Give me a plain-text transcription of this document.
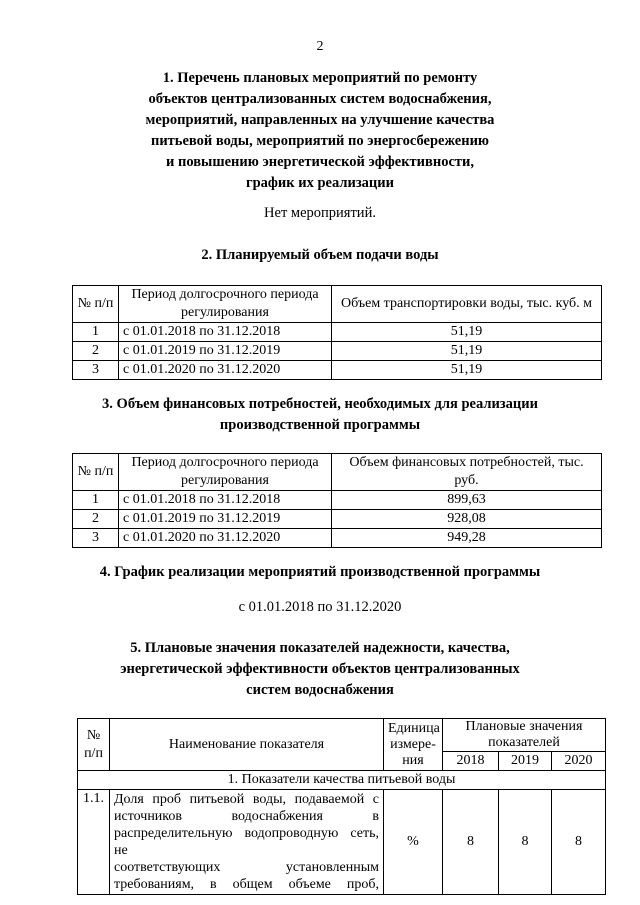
2
1. Перечень плановых мероприятий по ремонту
объектов централизованных систем водоснабжения,
мероприятий, направленных на улучшение качества
питьевой воды, мероприятий по энергосбережению
и повышению энергетической эффективности,
график их реализации
Нет мероприятий.
2. Планируемый объем подачи воды
№ п/п	Период долгосрочного периода регулирования	Объем транспортировки воды, тыс. куб. м
1	с 01.01.2018 по 31.12.2018	51,19
2	с 01.01.2019 по 31.12.2019	51,19
3	с 01.01.2020 по 31.12.2020	51,19
3. Объем финансовых потребностей, необходимых для реализации
производственной программы
№ п/п	Период долгосрочного периода регулирования	Объем финансовых потребностей, тыс. руб.
1	с 01.01.2018 по 31.12.2018	899,63
2	с 01.01.2019 по 31.12.2019	928,08
3	с 01.01.2020 по 31.12.2020	949,28
4. График реализации мероприятий производственной программы
с 01.01.2018 по 31.12.2020
5. Плановые значения показателей надежности, качества,
энергетической эффективности объектов централизованных
систем водоснабжения
№ п/п	Наименование показателя	Единица
измере-
ния	Плановые значения показателей		
			2018	2019	2020
1. Показатели качества питьевой воды					
1.1.	Доля проб питьевой воды, подаваемой с
источников водоснабжения в
распределительную водопроводную сеть, не
соответствующих установленным
требованиям, в общем объеме проб,	%	8	8	8
